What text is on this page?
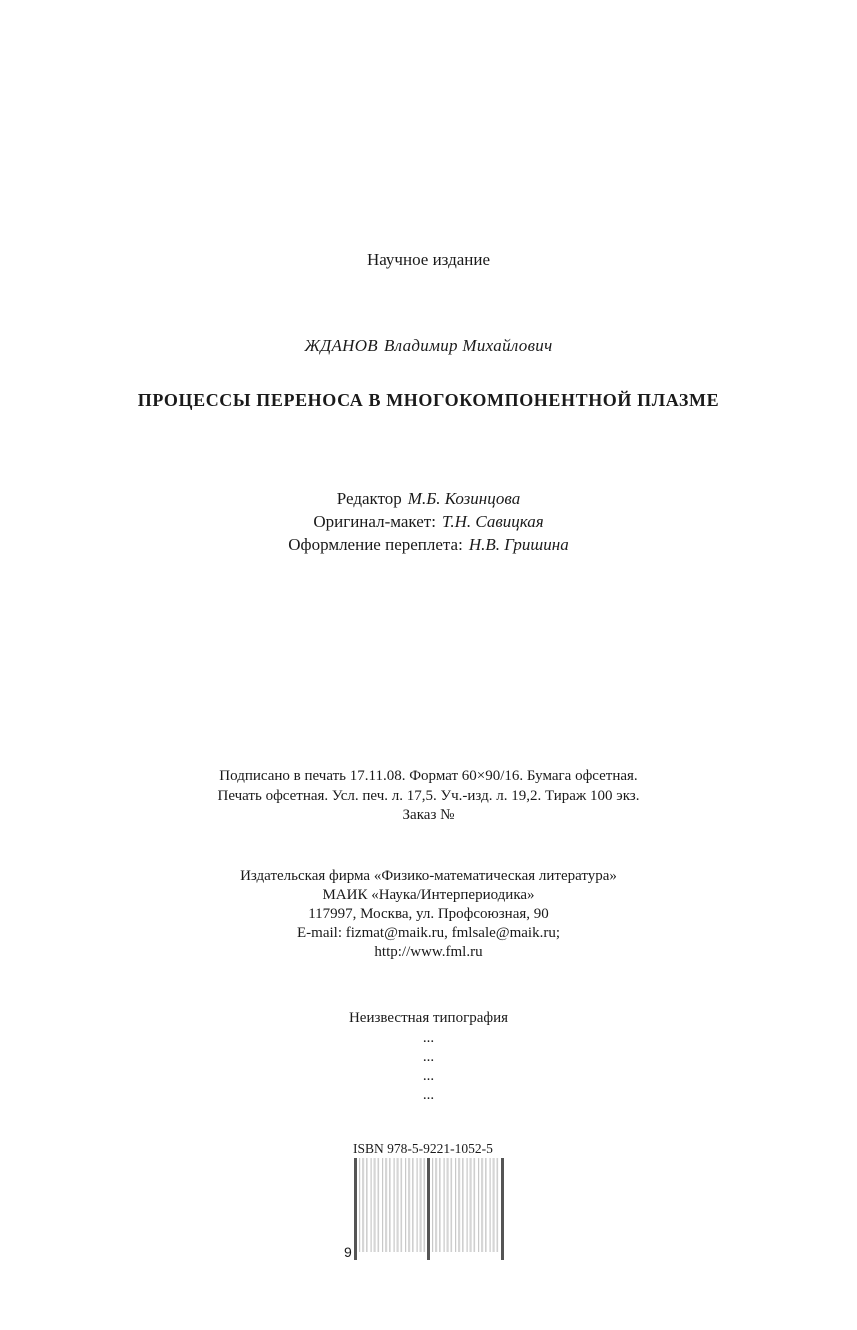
Научное издание
ЖДАНОВ Владимир Михайлович
ПРОЦЕССЫ ПЕРЕНОСА В МНОГОКОМПОНЕНТНОЙ ПЛАЗМЕ
Редактор М.Б. Козинцова
Оригинал-макет: Т.Н. Савицкая
Оформление переплета: Н.В. Гришина
Подписано в печать 17.11.08. Формат 60×90/16. Бумага офсетная.
Печать офсетная. Усл. печ. л. 17,5. Уч.-изд. л. 19,2. Тираж 100 экз.
Заказ №
Издательская фирма «Физико-математическая литература»
МАИК «Наука/Интерпериодика»
117997, Москва, ул. Профсоюзная, 90
E-mail: fizmat@maik.ru, fmlsale@maik.ru;
http://www.fml.ru
Неизвестная типография
...
...
...
...
ISBN 978-5-9221-1052-5
9
